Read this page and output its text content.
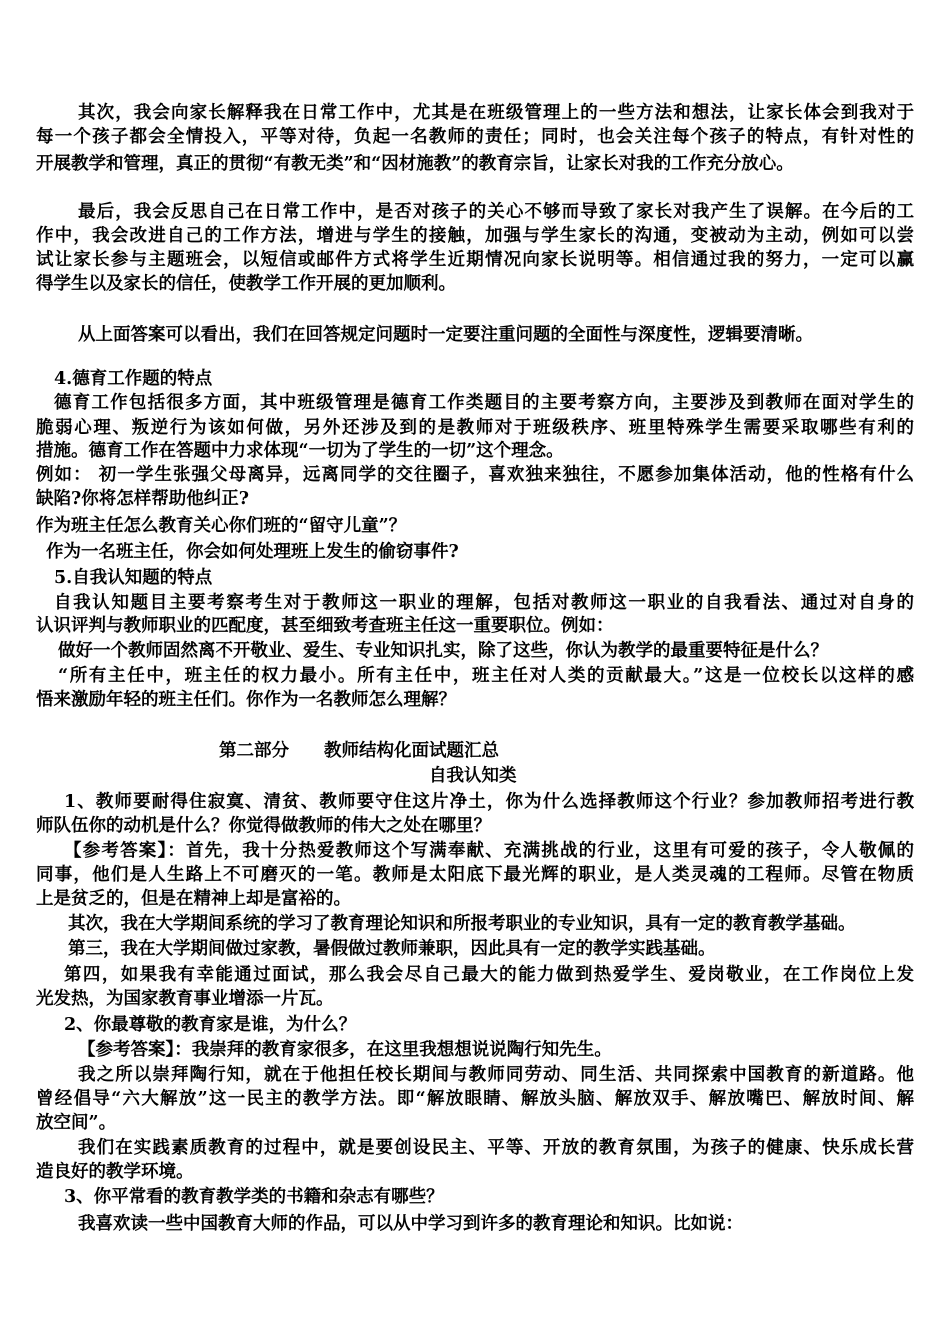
其次，我会向家长解释我在日常工作中，尤其是在班级管理上的一些方法和想法，让家长体会到我对于
每一个孩子都会全情投入，平等对待，负起一名教师的责任；同时，也会关注每个孩子的特点，有针对性的
开展教学和管理，真正的贯彻“有教无类”和“因材施教”的教育宗旨，让家长对我的工作充分放心。
最后，我会反思自己在日常工作中，是否对孩子的关心不够而导致了家长对我产生了误解。在今后的工
作中，我会改进自己的工作方法，增进与学生的接触，加强与学生家长的沟通，变被动为主动，例如可以尝
试让家长参与主题班会，以短信或邮件方式将学生近期情况向家长说明等。相信通过我的努力，一定可以赢
得学生以及家长的信任，使教学工作开展的更加顺利。
从上面答案可以看出，我们在回答规定问题时一定要注重问题的全面性与深度性，逻辑要清晰。
4.德育工作题的特点
德育工作包括很多方面，其中班级管理是德育工作类题目的主要考察方向，主要涉及到教师在面对学生的
脆弱心理、叛逆行为该如何做，另外还涉及到的是教师对于班级秩序、班里特殊学生需要采取哪些有利的
措施。德育工作在答题中力求体现“一切为了学生的一切”这个理念。
例如： 初一学生张强父母离异，远离同学的交往圈子，喜欢独来独往，不愿参加集体活动，他的性格有什么
缺陷?你将怎样帮助他纠正?
作为班主任怎么教育关心你们班的“留守儿童”？
作为一名班主任，你会如何处理班上发生的偷窃事件?
5.自我认知题的特点
自我认知题目主要考察考生对于教师这一职业的理解，包括对教师这一职业的自我看法、通过对自身的
认识评判与教师职业的匹配度，甚至细致考查班主任这一重要职位。例如：
做好一个教师固然离不开敬业、爱生、专业知识扎实，除了这些，你认为教学的最重要特征是什么？
“所有主任中，班主任的权力最小。所有主任中，班主任对人类的贡献最大。”这是一位校长以这样的感
悟来激励年轻的班主任们。你作为一名教师怎么理解？
第二部分　　教师结构化面试题汇总
自我认知类
1、教师要耐得住寂寞、清贫、教师要守住这片净土，你为什么选择教师这个行业？参加教师招考进行教
师队伍你的动机是什么？你觉得做教师的伟大之处在哪里？
【参考答案】：首先，我十分热爱教师这个写满奉献、充满挑战的行业，这里有可爱的孩子，令人敬佩的
同事，他们是人生路上不可磨灭的一笔。教师是太阳底下最光辉的职业，是人类灵魂的工程师。尽管在物质
上是贫乏的，但是在精神上却是富裕的。
其次，我在大学期间系统的学习了教育理论知识和所报考职业的专业知识，具有一定的教育教学基础。
第三，我在大学期间做过家教，暑假做过教师兼职，因此具有一定的教学实践基础。
第四，如果我有幸能通过面试，那么我会尽自己最大的能力做到热爱学生、爱岗敬业，在工作岗位上发
光发热，为国家教育事业增添一片瓦。
2、你最尊敬的教育家是谁，为什么？
【参考答案】：我崇拜的教育家很多，在这里我想想说说陶行知先生。
我之所以崇拜陶行知，就在于他担任校长期间与教师同劳动、同生活、共同探索中国教育的新道路。他
曾经倡导“六大解放”这一民主的教学方法。即“解放眼睛、解放头脑、解放双手、解放嘴巴、解放时间、解
放空间”。
我们在实践素质教育的过程中，就是要创设民主、平等、开放的教育氛围，为孩子的健康、快乐成长营
造良好的教学环境。
3、你平常看的教育教学类的书籍和杂志有哪些？
我喜欢读一些中国教育大师的作品，可以从中学习到许多的教育理论和知识。比如说：
